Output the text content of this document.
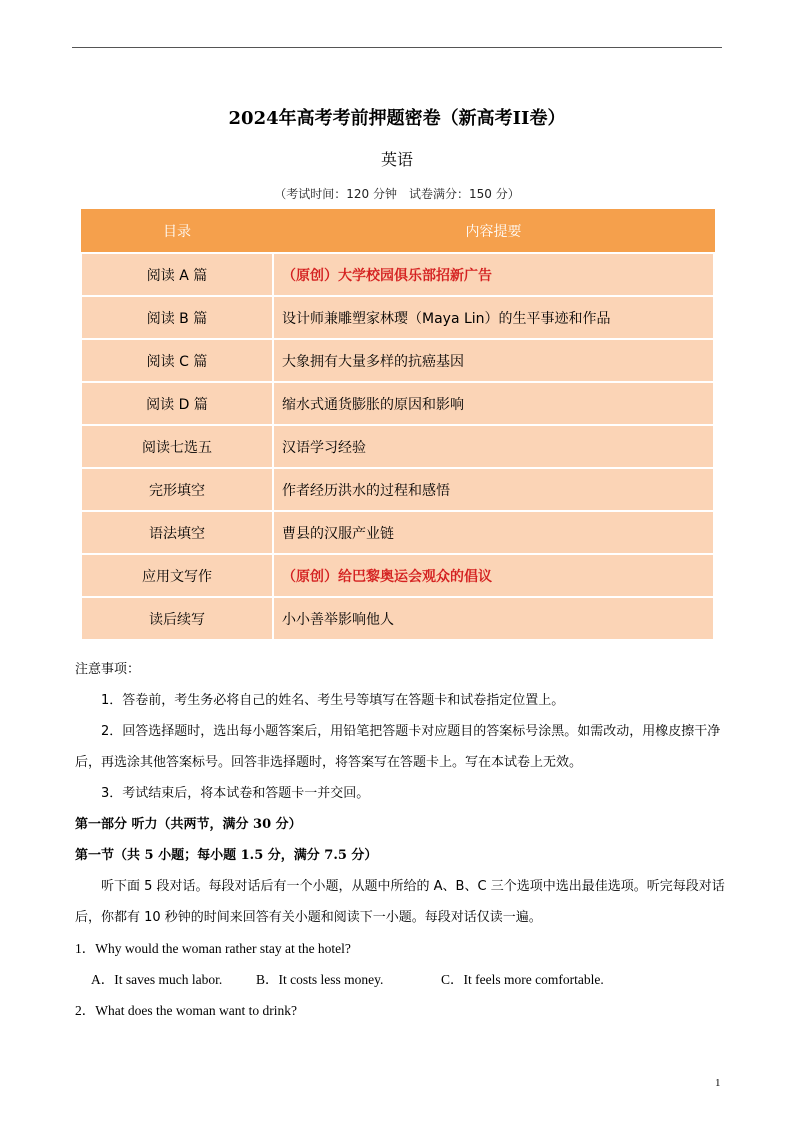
2024年高考考前押题密卷（新高考II卷）
英语
（考试时间：120 分钟　试卷满分：150 分）
目录	内容提要
阅读 A 篇	（原创）大学校园俱乐部招新广告
阅读 B 篇	设计师兼雕塑家林璎（Maya Lin）的生平事迹和作品
阅读 C 篇	大象拥有大量多样的抗癌基因
阅读 D 篇	缩水式通货膨胀的原因和影响
阅读七选五	汉语学习经验
完形填空	作者经历洪水的过程和感悟
语法填空	曹县的汉服产业链
应用文写作	（原创）给巴黎奥运会观众的倡议
读后续写	小小善举影响他人

注意事项：

1．答卷前，考生务必将自己的姓名、考生号等填写在答题卡和试卷指定位置上。

2．回答选择题时，选出每小题答案后，用铅笔把答题卡对应题目的答案标号涂黑。如需改动，用橡皮擦干净后，再选涂其他答案标号。回答非选择题时，将答案写在答题卡上。写在本试卷上无效。

3．考试结束后，将本试卷和答题卡一并交回。

第一部分 听力（共两节，满分 30 分）

第一节（共 5 小题；每小题 1.5 分，满分 7.5 分）

听下面 5 段对话。每段对话后有一个小题，从题中所给的 A、B、C 三个选项中选出最佳选项。听完每段对话后，你都有 10 秒钟的时间来回答有关小题和阅读下一小题。每段对话仅读一遍。

1．Why would the woman rather stay at the hotel?

A．It saves much labor.	B．It costs less money.	C．It feels more comfortable.

2．What does the woman want to drink?

1
